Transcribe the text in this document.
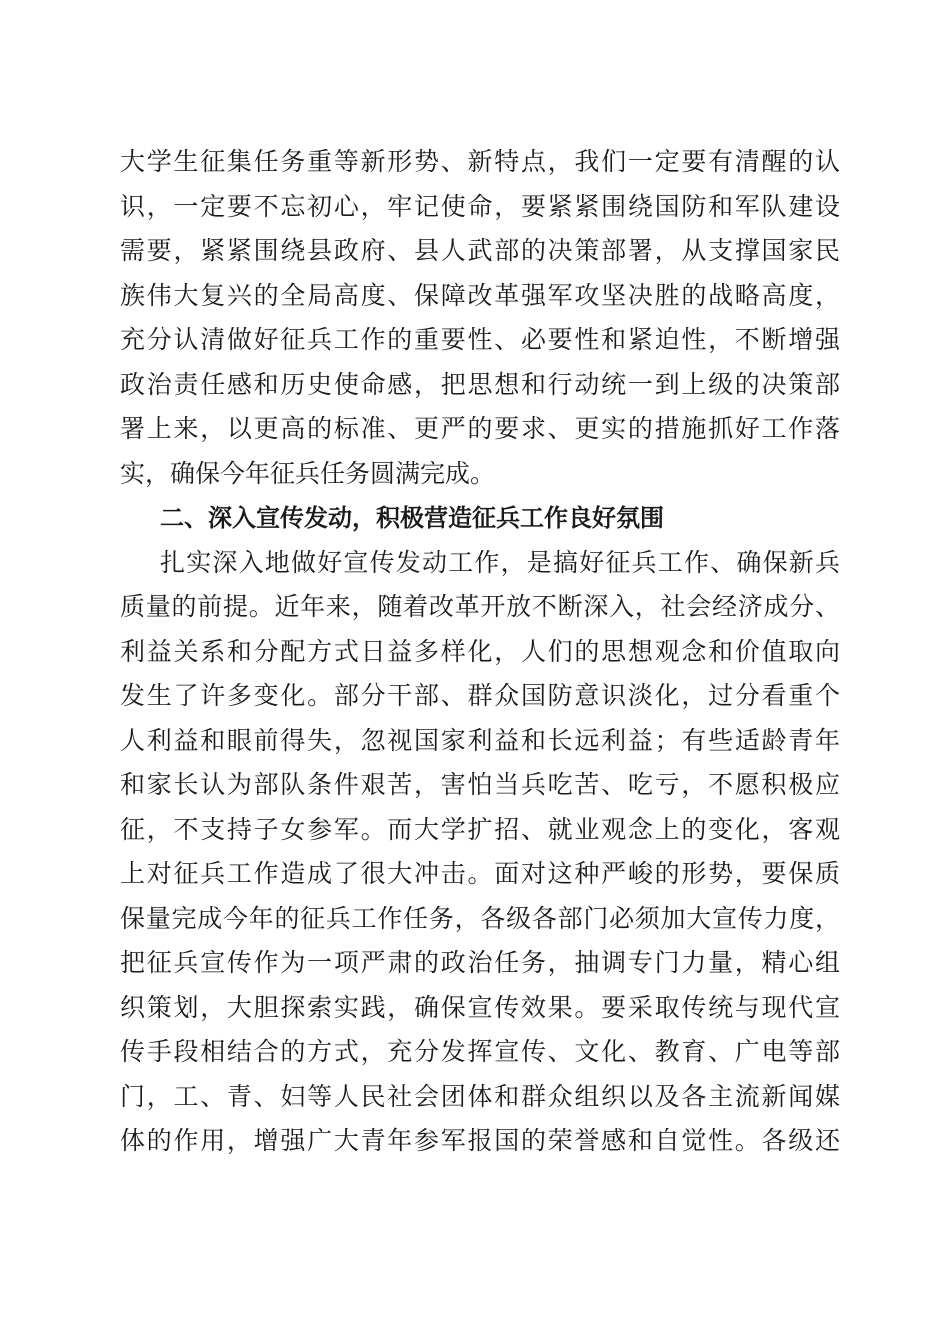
大学生征集任务重等新形势、新特点，我们一定要有清醒的认
识，一定要不忘初心，牢记使命，要紧紧围绕国防和军队建设
需要，紧紧围绕县政府、县人武部的决策部署，从支撑国家民
族伟大复兴的全局高度、保障改革强军攻坚决胜的战略高度，
充分认清做好征兵工作的重要性、必要性和紧迫性，不断增强
政治责任感和历史使命感，把思想和行动统一到上级的决策部
署上来，以更高的标准、更严的要求、更实的措施抓好工作落
实，确保今年征兵任务圆满完成。
二、深入宣传发动，积极营造征兵工作良好氛围
扎实深入地做好宣传发动工作，是搞好征兵工作、确保新兵
质量的前提。近年来，随着改革开放不断深入，社会经济成分、
利益关系和分配方式日益多样化，人们的思想观念和价值取向
发生了许多变化。部分干部、群众国防意识淡化，过分看重个
人利益和眼前得失，忽视国家利益和长远利益；有些适龄青年
和家长认为部队条件艰苦，害怕当兵吃苦、吃亏，不愿积极应
征，不支持子女参军。而大学扩招、就业观念上的变化，客观
上对征兵工作造成了很大冲击。面对这种严峻的形势，要保质
保量完成今年的征兵工作任务，各级各部门必须加大宣传力度，
把征兵宣传作为一项严肃的政治任务，抽调专门力量，精心组
织策划，大胆探索实践，确保宣传效果。要采取传统与现代宣
传手段相结合的方式，充分发挥宣传、文化、教育、广电等部
门，工、青、妇等人民社会团体和群众组织以及各主流新闻媒
体的作用，增强广大青年参军报国的荣誉感和自觉性。各级还
